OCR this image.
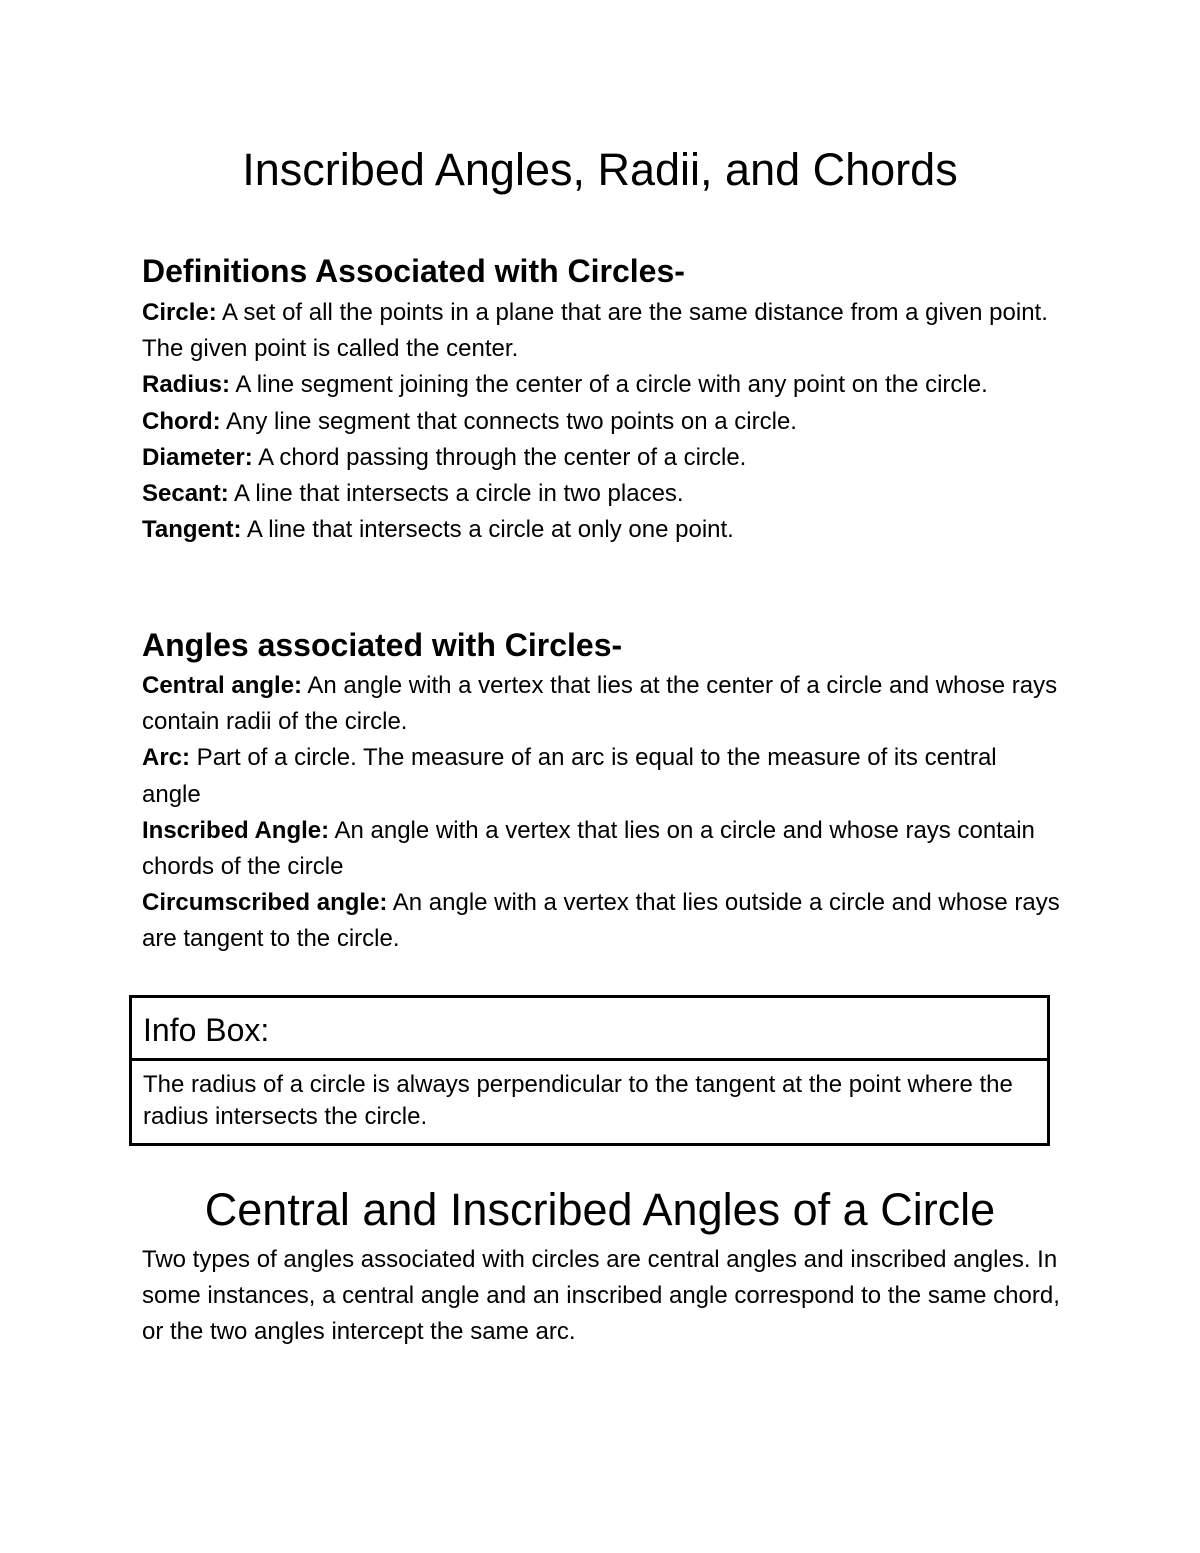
Inscribed Angles, Radii, and Chords
Definitions Associated with Circles-
Circle: A set of all the points in a plane that are the same distance from a given point. The given point is called the center.
Radius: A line segment joining the center of a circle with any point on the circle.
Chord: Any line segment that connects two points on a circle.
Diameter: A chord passing through the center of a circle.
Secant: A line that intersects a circle in two places.
Tangent: A line that intersects a circle at only one point.
Angles associated with Circles-
Central angle: An angle with a vertex that lies at the center of a circle and whose rays contain radii of the circle.
Arc: Part of a circle. The measure of an arc is equal to the measure of its central angle
Inscribed Angle: An angle with a vertex that lies on a circle and whose rays contain chords of the circle
Circumscribed angle: An angle with a vertex that lies outside a circle and whose rays are tangent to the circle.
Info Box:
The radius of a circle is always perpendicular to the tangent at the point where the radius intersects the circle.
Central and Inscribed Angles of a Circle

Two types of angles associated with circles are central angles and inscribed angles. In some instances, a central angle and an inscribed angle correspond to the same chord, or the two angles intercept the same arc.
